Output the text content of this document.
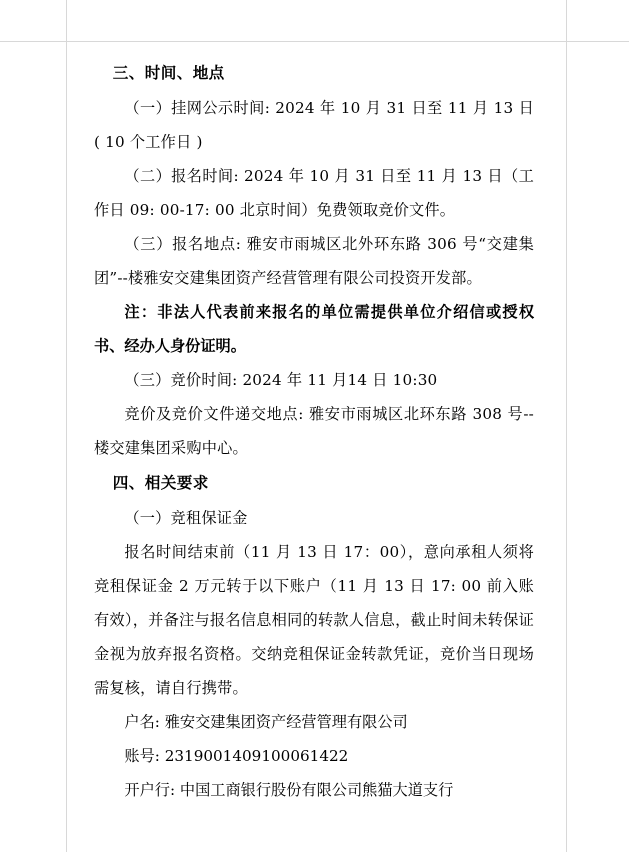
三、时间、地点

（一）挂网公示时间: 2024 年 10 月 31 日至 11 月 13 日 ( 10 个工作日 )

（二）报名时间: 2024 年 10 月 31 日至 11 月 13 日（工作日 09: 00-17: 00 北京时间）免费领取竞价文件。

（三）报名地点: 雅安市雨城区北外环东路 306 号“交建集团”--楼雅安交建集团资产经营管理有限公司投资开发部。

注：非法人代表前来报名的单位需提供单位介绍信或授权书、经办人身份证明。

（三）竞价时间: 2024 年 11 月14 日 10:30

竞价及竞价文件递交地点: 雅安市雨城区北环东路 308 号--楼交建集团采购中心。

四、相关要求

（一）竞租保证金

报名时间结束前（11 月 13 日 17：00），意向承租人须将竞租保证金 2 万元转于以下账户（11 月 13 日 17: 00 前入账有效），并备注与报名信息相同的转款人信息，截止时间未转保证金视为放弃报名资格。交纳竞租保证金转款凭证，竞价当日现场需复核，请自行携带。

户名: 雅安交建集团资产经营管理有限公司

账号: 2319001409100061422

开户行: 中国工商银行股份有限公司熊猫大道支行
